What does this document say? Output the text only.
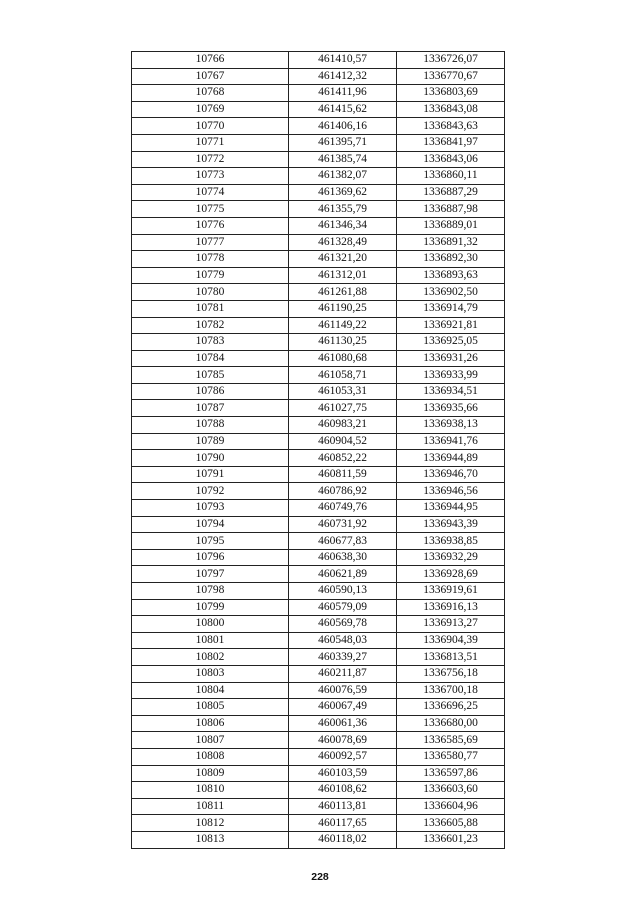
10766	461410,57	1336726,07
10767	461412,32	1336770,67
10768	461411,96	1336803,69
10769	461415,62	1336843,08
10770	461406,16	1336843,63
10771	461395,71	1336841,97
10772	461385,74	1336843,06
10773	461382,07	1336860,11
10774	461369,62	1336887,29
10775	461355,79	1336887,98
10776	461346,34	1336889,01
10777	461328,49	1336891,32
10778	461321,20	1336892,30
10779	461312,01	1336893,63
10780	461261,88	1336902,50
10781	461190,25	1336914,79
10782	461149,22	1336921,81
10783	461130,25	1336925,05
10784	461080,68	1336931,26
10785	461058,71	1336933,99
10786	461053,31	1336934,51
10787	461027,75	1336935,66
10788	460983,21	1336938,13
10789	460904,52	1336941,76
10790	460852,22	1336944,89
10791	460811,59	1336946,70
10792	460786,92	1336946,56
10793	460749,76	1336944,95
10794	460731,92	1336943,39
10795	460677,83	1336938,85
10796	460638,30	1336932,29
10797	460621,89	1336928,69
10798	460590,13	1336919,61
10799	460579,09	1336916,13
10800	460569,78	1336913,27
10801	460548,03	1336904,39
10802	460339,27	1336813,51
10803	460211,87	1336756,18
10804	460076,59	1336700,18
10805	460067,49	1336696,25
10806	460061,36	1336680,00
10807	460078,69	1336585,69
10808	460092,57	1336580,77
10809	460103,59	1336597,86
10810	460108,62	1336603,60
10811	460113,81	1336604,96
10812	460117,65	1336605,88
10813	460118,02	1336601,23
228
